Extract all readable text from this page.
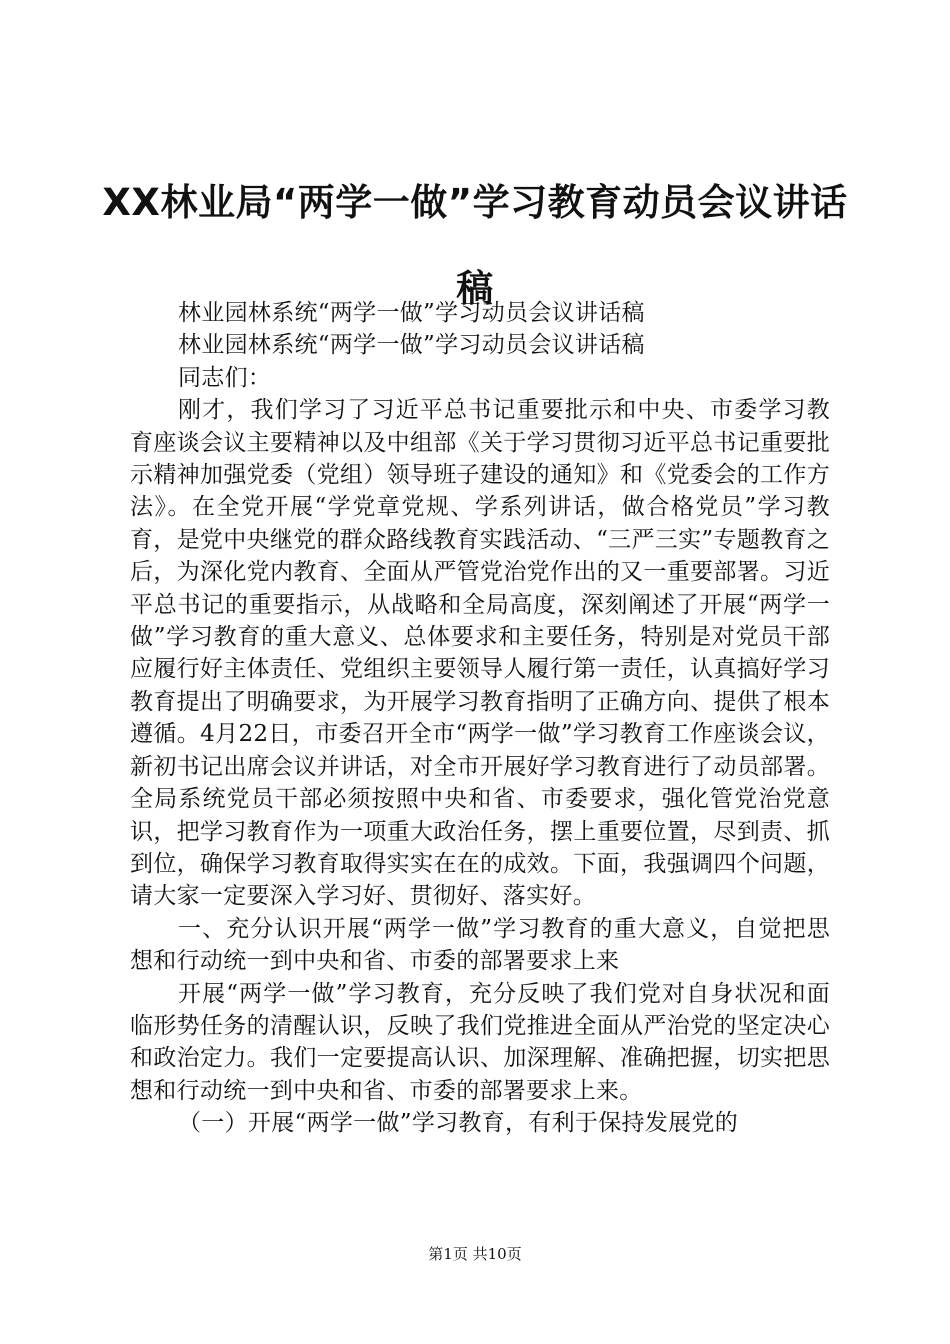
XX林业局“两学一做”学习教育动员会议讲话稿

林业园林系统“两学一做”学习动员会议讲话稿

林业园林系统“两学一做”学习动员会议讲话稿

同志们：

刚才，我们学习了习近平总书记重要批示和中央、市委学习教育座谈会议主要精神以及中组部《关于学习贯彻习近平总书记重要批示精神加强党委（党组）领导班子建设的通知》和《党委会的工作方法》。在全党开展“学党章党规、学系列讲话，做合格党员”学习教育，是党中央继党的群众路线教育实践活动、“三严三实”专题教育之后，为深化党内教育、全面从严管党治党作出的又一重要部署。习近平总书记的重要指示，从战略和全局高度，深刻阐述了开展“两学一做”学习教育的重大意义、总体要求和主要任务，特别是对党员干部应履行好主体责任、党组织主要领导人履行第一责任，认真搞好学习教育提出了明确要求，为开展学习教育指明了正确方向、提供了根本遵循。4月22日，市委召开全市“两学一做”学习教育工作座谈会议，新初书记出席会议并讲话，对全市开展好学习教育进行了动员部署。全局系统党员干部必须按照中央和省、市委要求，强化管党治党意识，把学习教育作为一项重大政治任务，摆上重要位置，尽到责、抓到位，确保学习教育取得实实在在的成效。下面，我强调四个问题，请大家一定要深入学习好、贯彻好、落实好。

一、充分认识开展“两学一做”学习教育的重大意义，自觉把思想和行动统一到中央和省、市委的部署要求上来

开展“两学一做”学习教育，充分反映了我们党对自身状况和面临形势任务的清醒认识，反映了我们党推进全面从严治党的坚定决心和政治定力。我们一定要提高认识、加深理解、准确把握，切实把思想和行动统一到中央和省、市委的部署要求上来。

（一）开展“两学一做”学习教育，有利于保持发展党的

第1页 共10页
